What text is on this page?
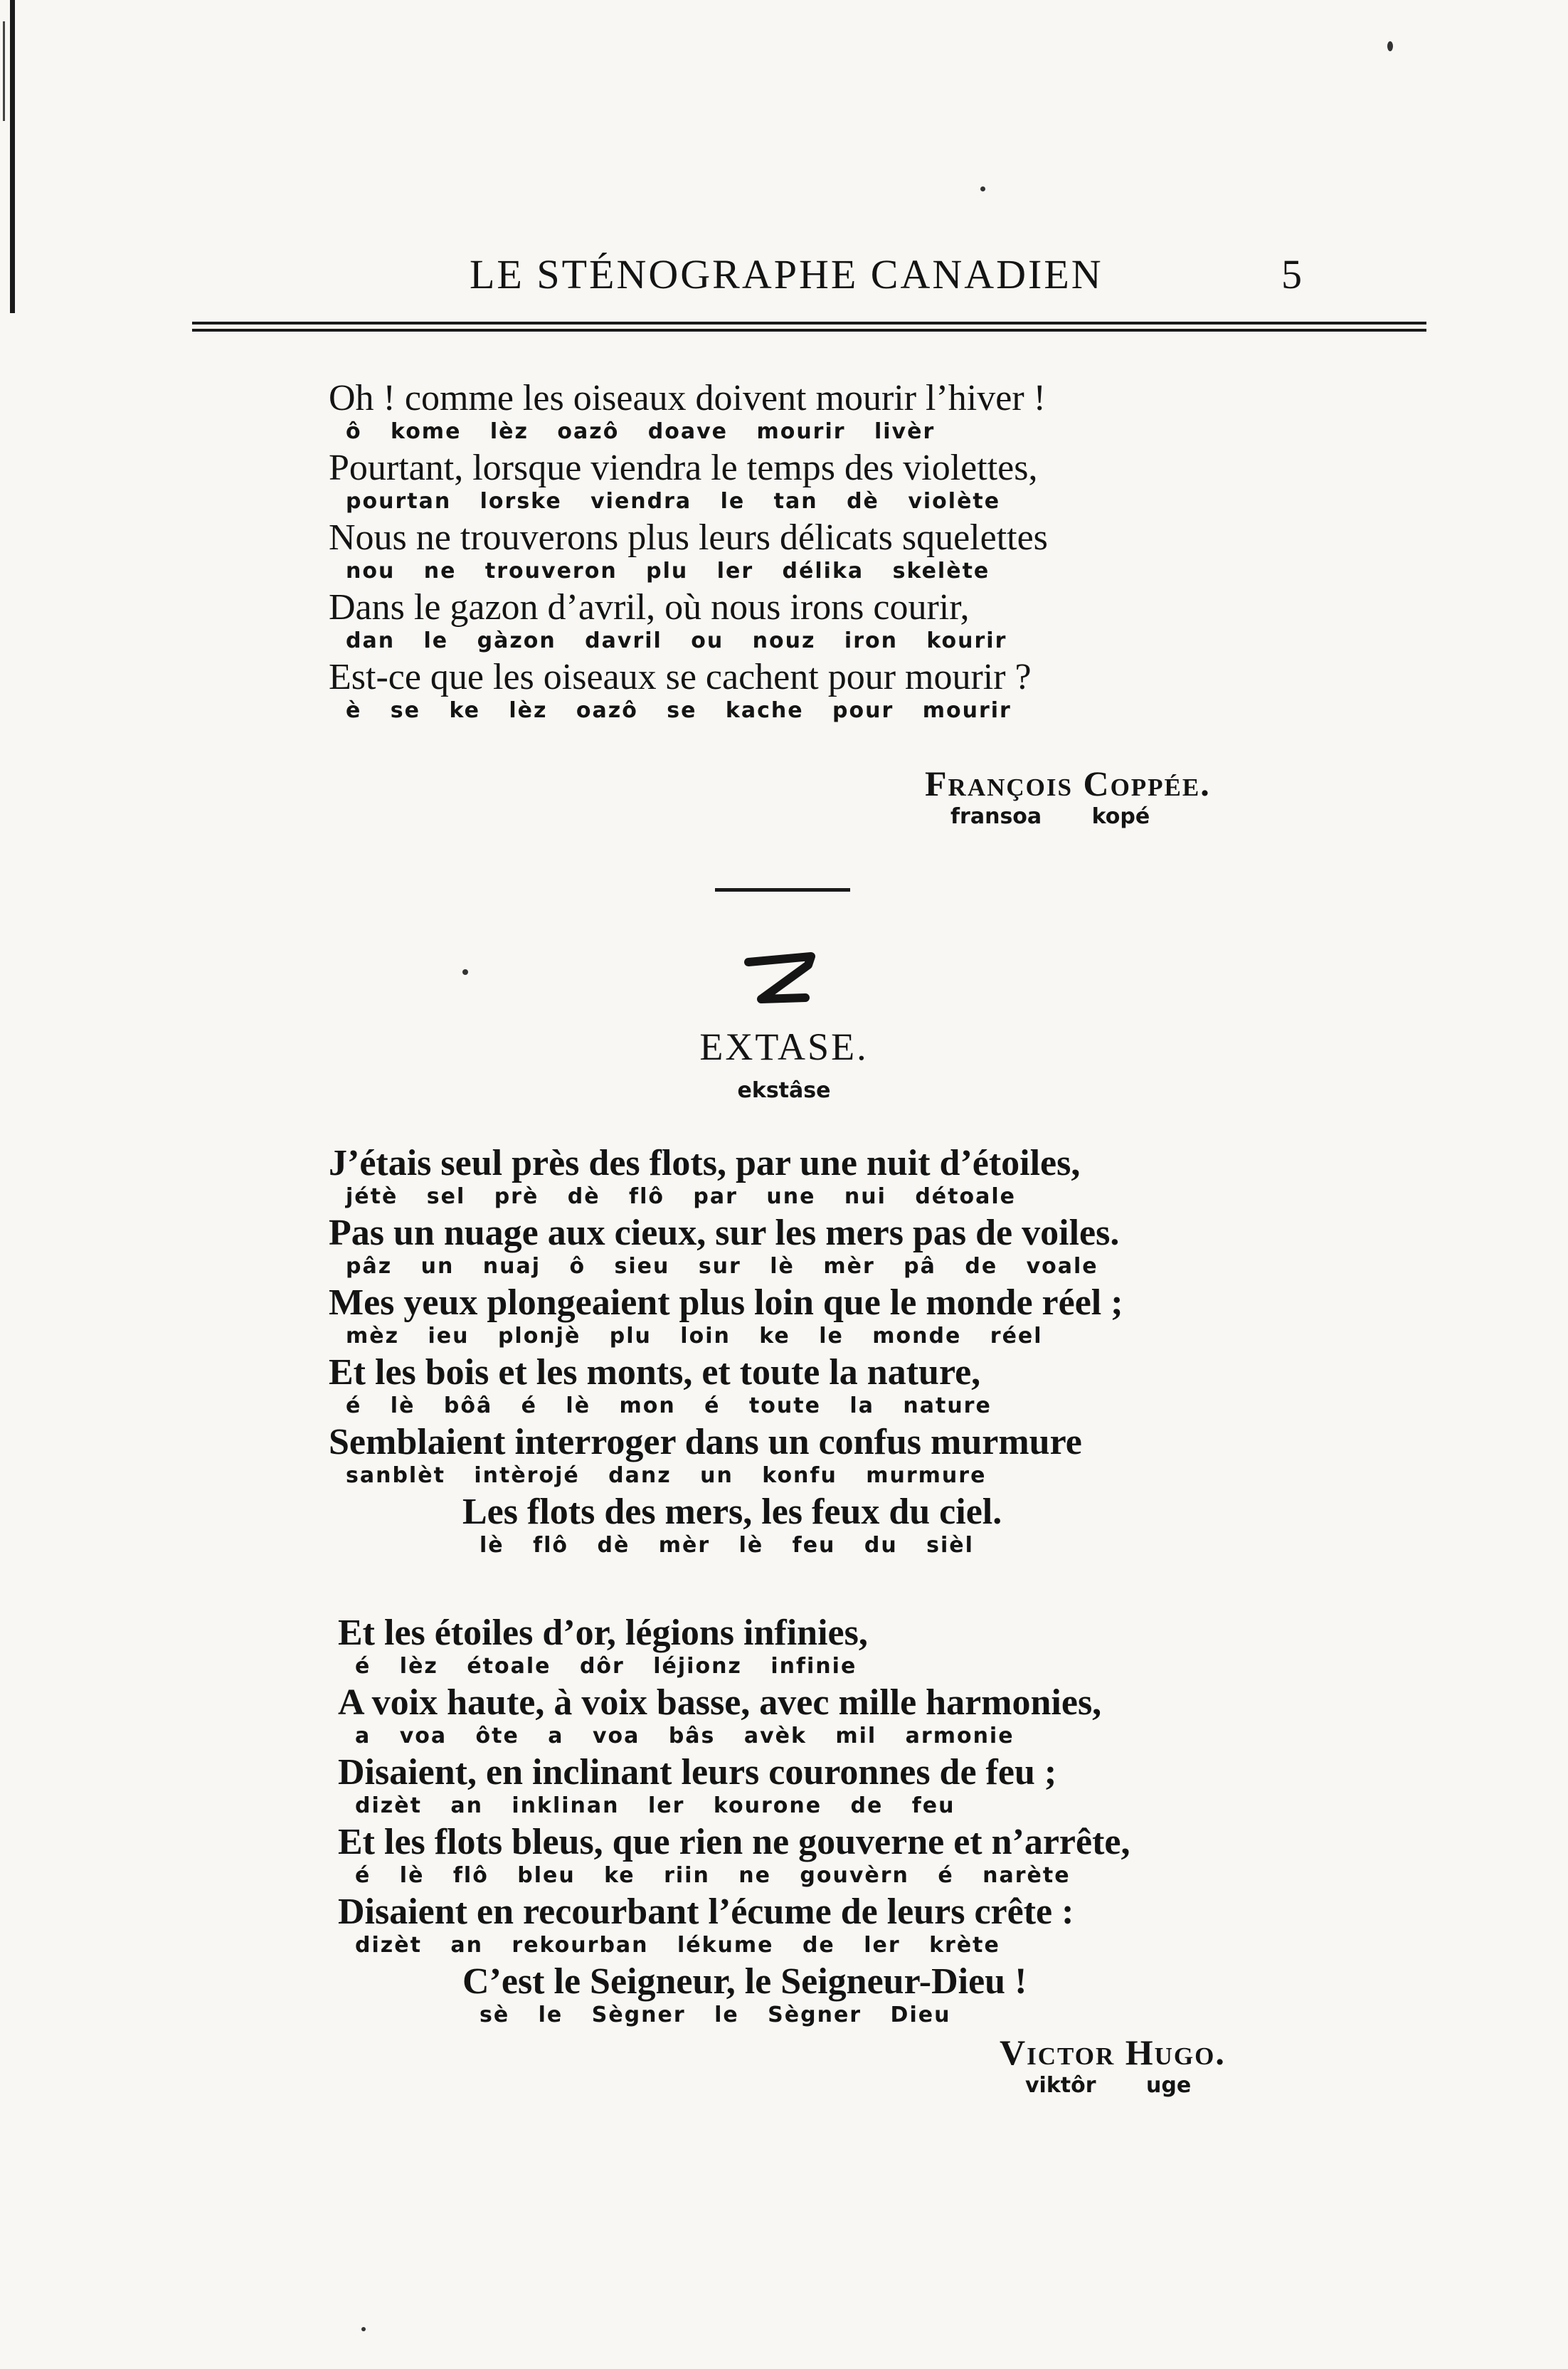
LE STÉNOGRAPHE CANADIEN	5
Oh ! comme les oiseaux doivent mourir l’hiver !
ô kome lèz oazô doave mourir livèr
Pourtant, lorsque viendra le temps des violettes,
pourtan lorske viendra le tan dè violète
Nous ne trouverons plus leurs délicats squelettes
nou ne trouveron plu ler délika skelète
Dans le gazon d’avril, où nous irons courir,
dan le gàzon davril ou nouz iron kourir
Est-ce que les oiseaux se cachent pour mourir ?
è se ke lèz oazô se kache pour mourir
François Coppée.
fransoa kopé
7
EXTASE.
ekstâse
J’étais seul près des flots, par une nuit d’étoiles,
jétè sel prè dè flô par une nui détoale
Pas un nuage aux cieux, sur les mers pas de voiles.
pâz un nuaj ô sieu sur lè mèr pâ de voale
Mes yeux plongeaient plus loin que le monde réel ;
mèz ieu plonjè plu loin ke le monde réel
Et les bois et les monts, et toute la nature,
é lè bôâ é lè mon é toute la nature
Semblaient interroger dans un confus murmure
sanblèt intèrojé danz un konfu murmure
Les flots des mers, les feux du ciel.
lè flô dè mèr lè feu du sièl
Et les étoiles d’or, légions infinies,
é lèz étoale dôr léjionz infinie
A voix haute, à voix basse, avec mille harmonies,
a voa ôte a voa bâs avèk mil armonie
Disaient, en inclinant leurs couronnes de feu ;
dizèt an inklinan ler kourone de feu
Et les flots bleus, que rien ne gouverne et n’arrête,
é lè flô bleu ke riin ne gouvèrn é narète
Disaient en recourbant l’écume de leurs crête :
dizèt an rekourban lékume de ler krète
C’est le Seigneur, le Seigneur-Dieu !
sè le Sègner le Sègner Dieu
Victor Hugo.
viktôr uge
